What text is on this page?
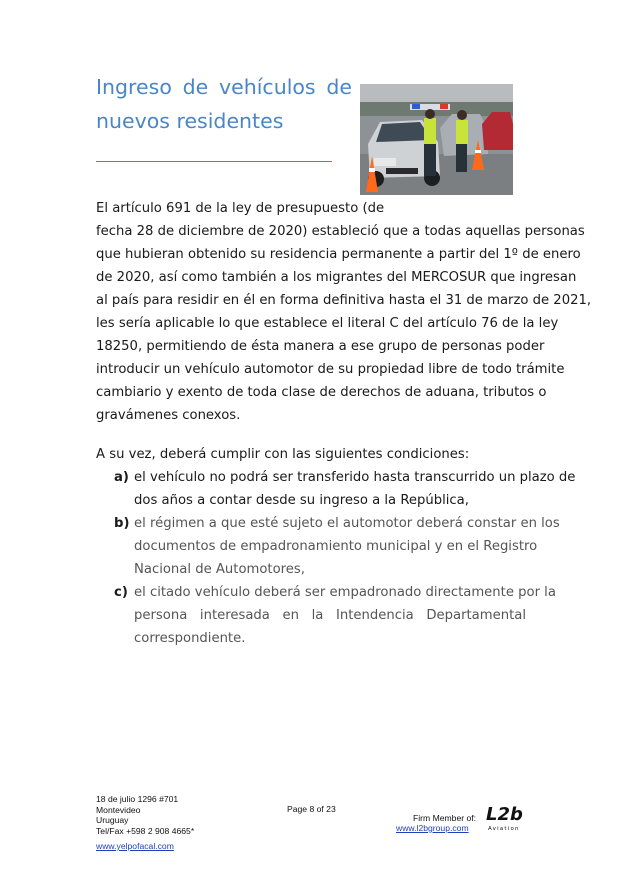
Ingreso de vehículos de
nuevos residentes
El artículo 691 de la ley de presupuesto (de
fecha 28 de diciembre de 2020) estableció que a todas aquellas personas
que hubieran obtenido su residencia permanente a partir del 1º de enero
de 2020, así como también a los migrantes del MERCOSUR que ingresan
al país para residir en él en forma definitiva hasta el 31 de marzo de 2021,
les sería aplicable lo que establece el literal C del artículo 76 de la ley
18250, permitiendo de ésta manera a ese grupo de personas poder
introducir un vehículo automotor de su propiedad libre de todo trámite
cambiario y exento de toda clase de derechos de aduana, tributos o
gravámenes conexos.
A su vez, deberá cumplir con las siguientes condiciones:
a) el vehículo no podrá ser transferido hasta transcurrido un plazo de
dos años a contar desde su ingreso a la República,
b) el régimen a que esté sujeto el automotor deberá constar en los
documentos de empadronamiento municipal y en el Registro
Nacional de Automotores,
c) el citado vehículo deberá ser empadronado directamente por la
persona interesada en la Intendencia Departamental
correspondiente.
18 de julio 1296 #701
Montevideo
Uruguay
Tel/Fax +598 2 908 4665*
www.yelpofacal.com
Page 8 of 23
Firm Member of:
www.l2bgroup.com
L2b
Aviation
